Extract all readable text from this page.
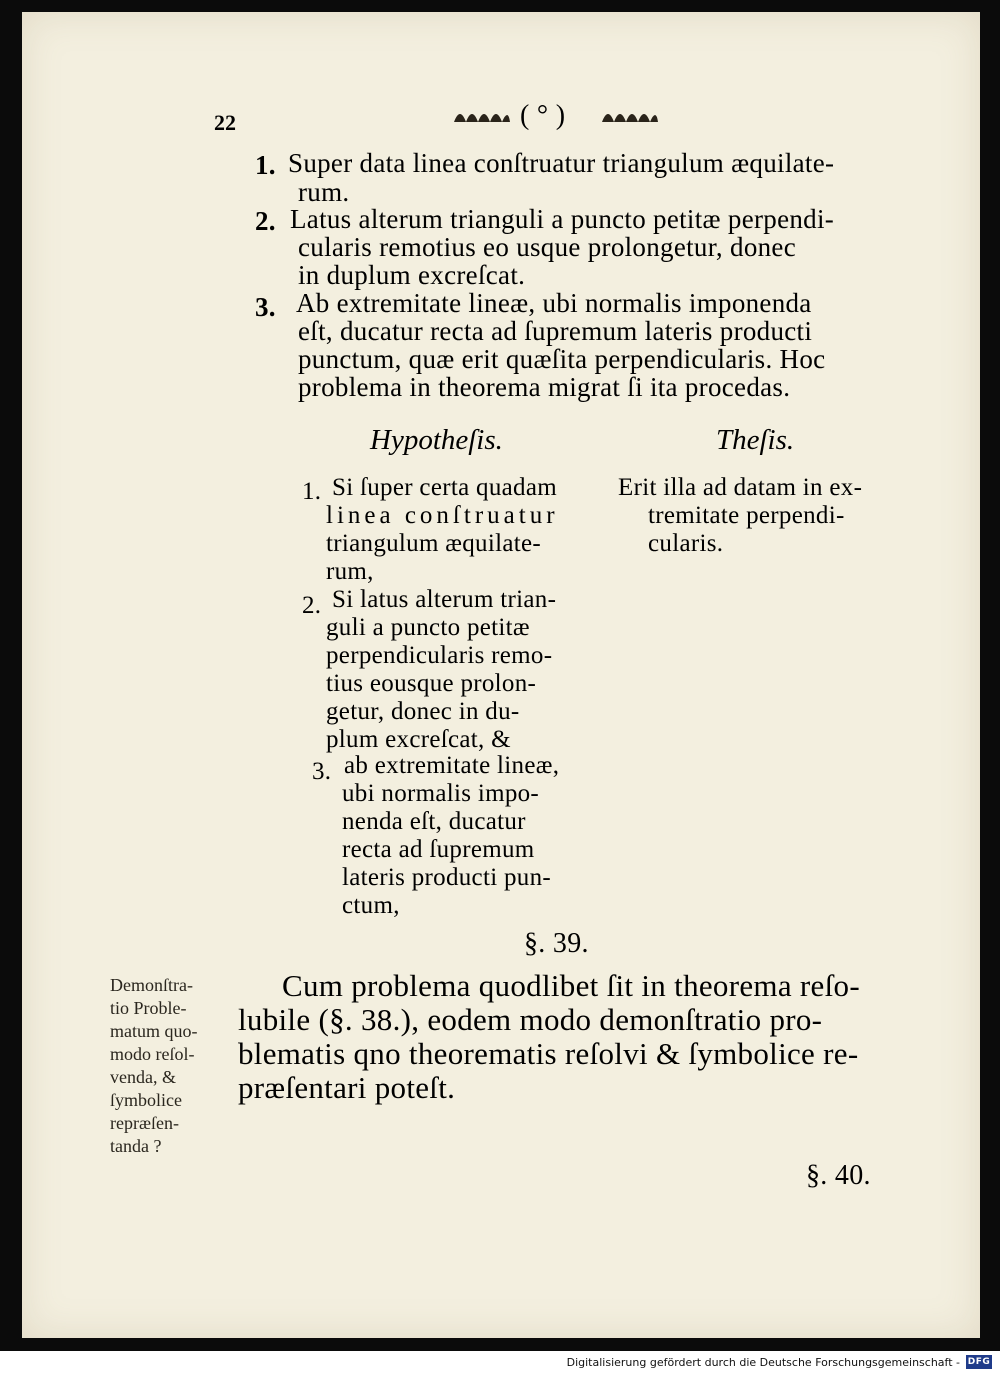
22	( ° )
1. Super data linea conſtruatur triangulum æquilate-
rum.
2. Latus alterum trianguli a puncto petitæ perpendi-
cularis remotius eo usque prolongetur, donec
in duplum excreſcat.
3. Ab extremitate lineæ, ubi normalis imponenda
eſt, ducatur recta ad ſupremum lateris producti
punctum, quæ erit quæſita perpendicularis. Hoc
problema in theorema migrat ſi ita procedas.
Hypotheſis.	Theſis.
1. Si ſuper certa quadam
linea conſtruatur
triangulum æquilate-
rum,
2. Si latus alterum trian-
guli a puncto petitæ
perpendicularis remo-
tius eousque prolon-
getur, donec in du-
plum excreſcat, &
3. ab extremitate lineæ,
ubi normalis impo-
nenda eſt, ducatur
recta ad ſupremum
lateris producti pun-
ctum,
Erit illa ad datam in ex-
tremitate perpendi-
cularis.
§. 39.
Demonſtra-
tio Proble-
matum quo-
modo reſol-
venda, &
ſymbolice
repræſen-
tanda ?
Cum problema quodlibet ſit in theorema reſo-
lubile (§. 38.), eodem modo demonſtratio pro-
blematis qno theorematis reſolvi & ſymbolice re-
præſentari poteſt.
§. 40.
Digitalisierung gefördert durch die Deutsche Forschungsgemeinschaft - DFG
